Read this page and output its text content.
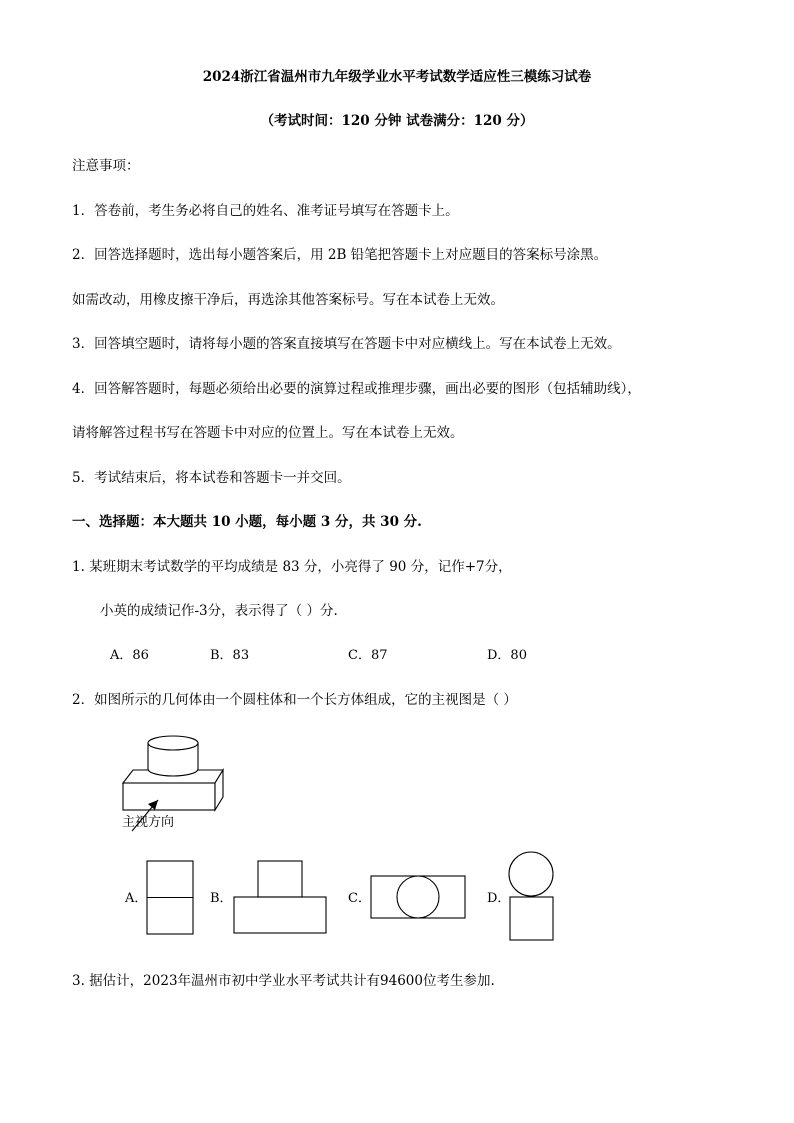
2024浙江省温州市九年级学业水平考试数学适应性三模练习试卷
（考试时间：120 分钟 试卷满分：120 分）
注意事项：
1．答卷前，考生务必将自己的姓名、准考证号填写在答题卡上。
2．回答选择题时，选出每小题答案后，用 2B 铅笔把答题卡上对应题目的答案标号涂黑。
如需改动，用橡皮擦干净后，再选涂其他答案标号。写在本试卷上无效。
3．回答填空题时，请将每小题的答案直接填写在答题卡中对应横线上。写在本试卷上无效。
4．回答解答题时，每题必须给出必要的演算过程或推理步骤，画出必要的图形（包括辅助线），
请将解答过程书写在答题卡中对应的位置上。写在本试卷上无效。
5．考试结束后，将本试卷和答题卡一并交回。
一、选择题：本大题共 10 小题，每小题 3 分，共 30 分.
1. 某班期末考试数学的平均成绩是 83 分，小亮得了 90 分，记作+7分，
小英的成绩记作-3分，表示得了（ ）分.
A．86	B．83	C．87	D．80
2．如图所示的几何体由一个圆柱体和一个长方体组成，它的主视图是（ ）
主视方向
A．	B．	C．	D．
3. 据估计，2023年温州市初中学业水平考试共计有94600位考生参加.
